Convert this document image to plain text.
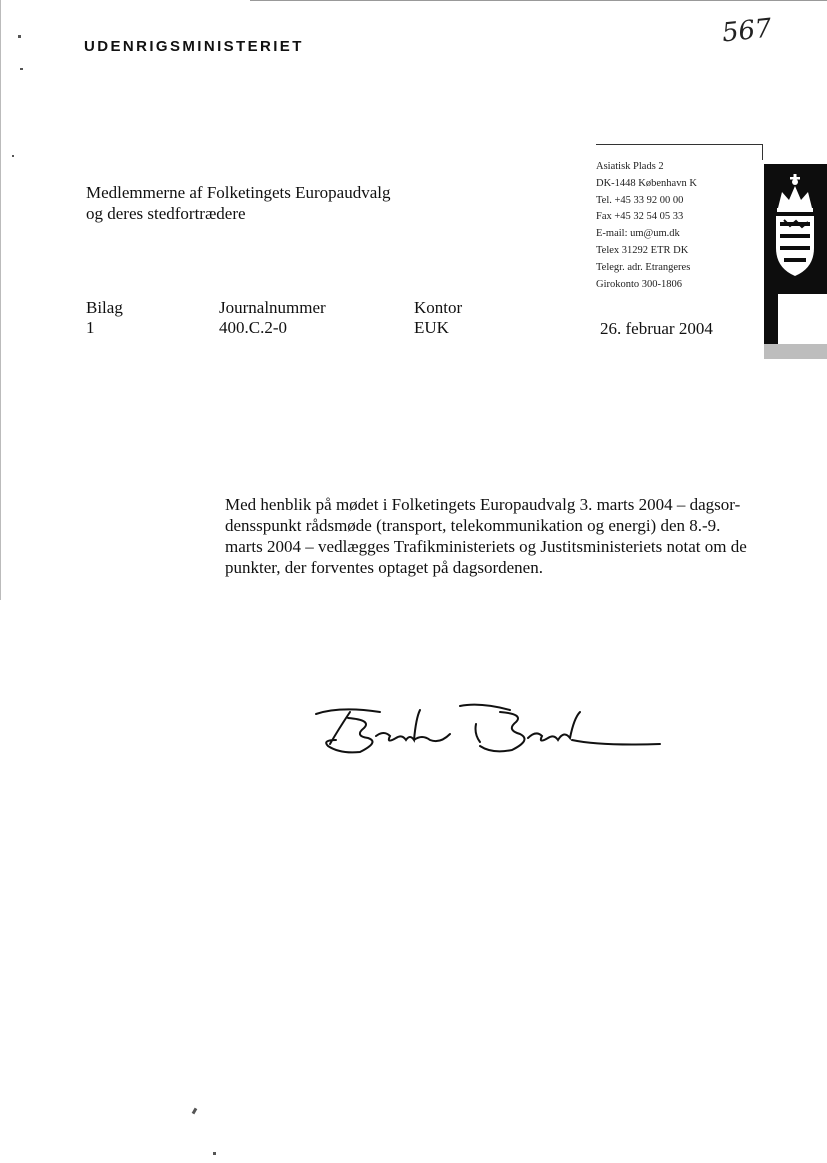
UDENRIGSMINISTERIET	567
Medlemmerne af Folketingets Europaudvalg
og deres stedfortrædere
Asiatisk Plads 2
DK-1448 København K
Tel. +45 33 92 00 00
Fax +45 32 54 05 33
E-mail: um@um.dk
Telex 31292 ETR DK
Telegr. adr. Etrangeres
Girokonto 300-1806
Bilag
1
Journalnummer
400.C.2-0
Kontor
EUK	26. februar 2004
Med henblik på mødet i Folketingets Europaudvalg 3. marts 2004 – dagsor-densspunkt rådsmøde (transport, telekommunikation og energi) den 8.-9. marts 2004 – vedlægges Trafikministeriets og Justitsministeriets notat om de punkter, der forventes optaget på dagsordenen.
